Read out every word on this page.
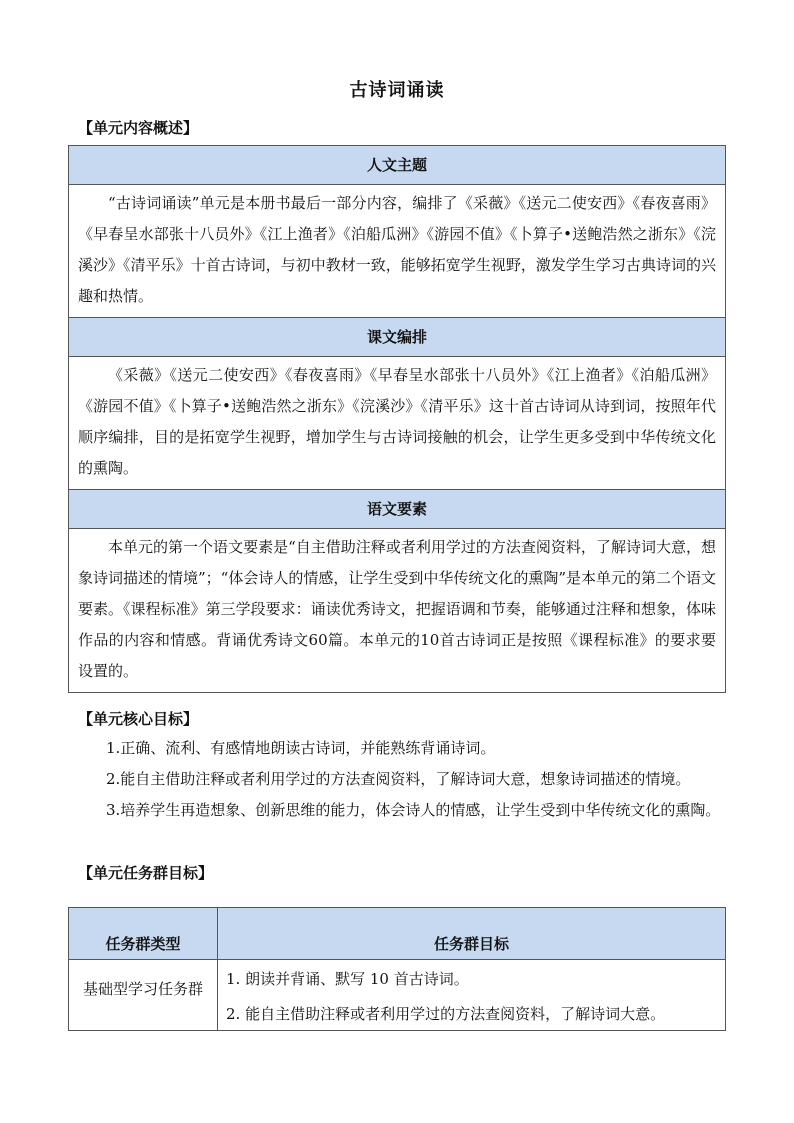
古诗词诵读
【单元内容概述】
人文主题
“古诗词诵读”单元是本册书最后一部分内容，编排了《采薇》《送元二使安西》《春夜喜雨》《早春呈水部张十八员外》《江上渔者》《泊船瓜洲》《游园不值》《卜算子•送鲍浩然之浙东》《浣溪沙》《清平乐》十首古诗词，与初中教材一致，能够拓宽学生视野，激发学生学习古典诗词的兴趣和热情。
课文编排
《采薇》《送元二使安西》《春夜喜雨》《早春呈水部张十八员外》《江上渔者》《泊船瓜洲》《游园不值》《卜算子•送鲍浩然之浙东》《浣溪沙》《清平乐》这十首古诗词从诗到词，按照年代顺序编排，目的是拓宽学生视野，增加学生与古诗词接触的机会，让学生更多受到中华传统文化的熏陶。
语文要素
本单元的第一个语文要素是“自主借助注释或者利用学过的方法查阅资料，了解诗词大意，想象诗词描述的情境”；“体会诗人的情感，让学生受到中华传统文化的熏陶”是本单元的第二个语文要素。《课程标准》第三学段要求：诵读优秀诗文，把握语调和节奏，能够通过注释和想象，体味作品的内容和情感。背诵优秀诗文60篇。本单元的10首古诗词正是按照《课程标准》的要求要设置的。
【单元核心目标】
1.正确、流利、有感情地朗读古诗词，并能熟练背诵诗词。
2.能自主借助注释或者利用学过的方法查阅资料，了解诗词大意，想象诗词描述的情境。
3.培养学生再造想象、创新思维的能力，体会诗人的情感，让学生受到中华传统文化的熏陶。
【单元任务群目标】
任务群类型	任务群目标
基础型学习任务群	1. 朗读并背诵、默写 10 首古诗词。
2. 能自主借助注释或者利用学过的方法查阅资料，了解诗词大意。
